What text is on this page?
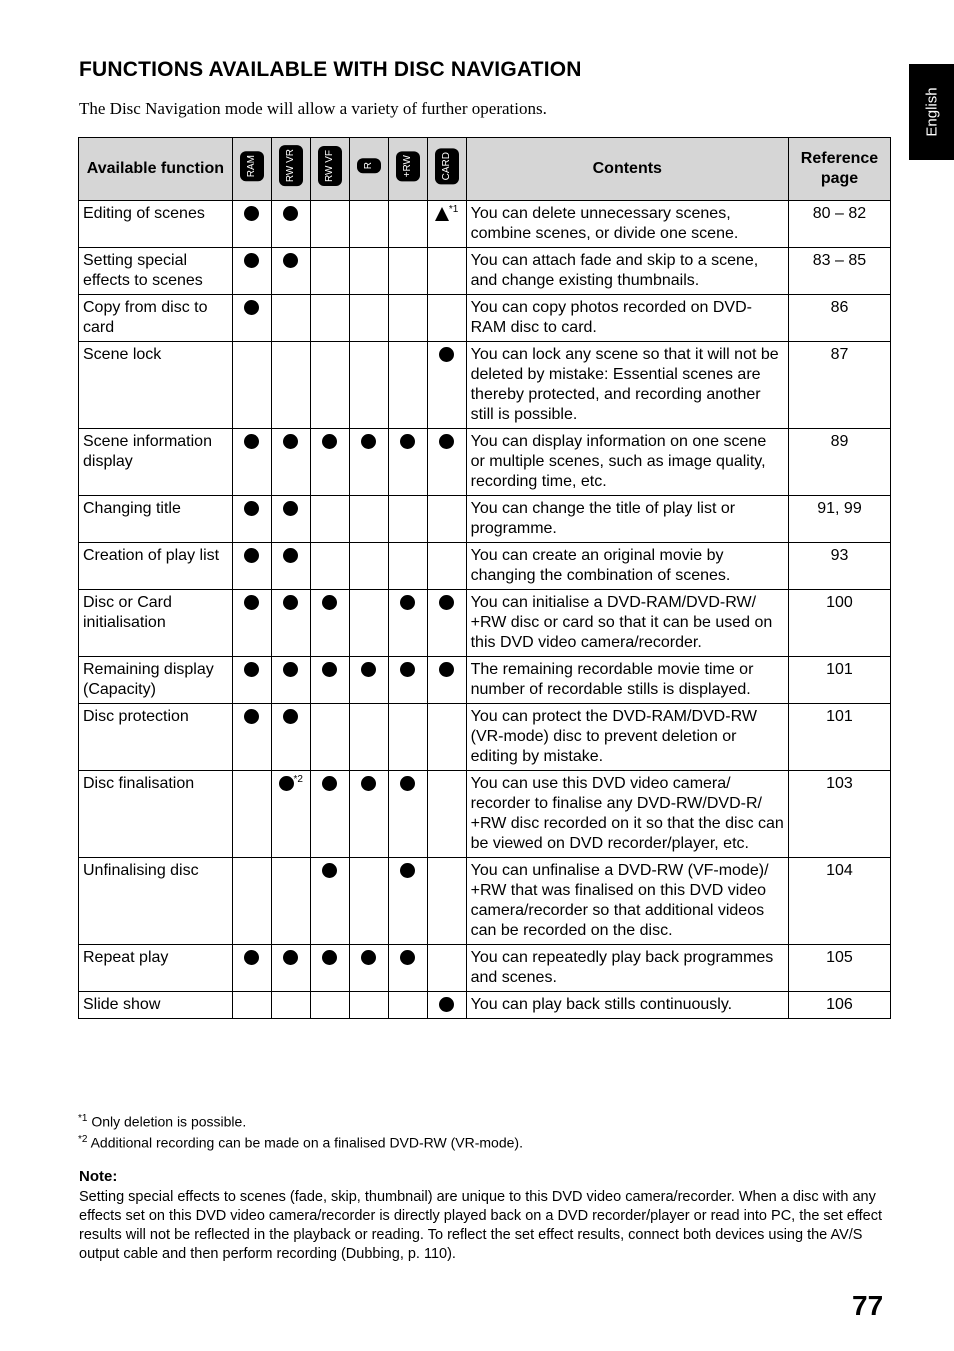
FUNCTIONS AVAILABLE WITH DISC NAVIGATION
The Disc Navigation mode will allow a variety of further operations.	English
Available function	RAM	RW VR	RW VF	R	+RW	CARD	Contents	Reference page
Editing of scenes						$^{*1}$	You can delete unnecessary scenes, combine scenes, or divide one scene.	80 – 82
Setting special effects to scenes							You can attach fade and skip to a scene, and change existing thumbnails.	83 – 85
Copy from disc to card							You can copy photos recorded on DVD-RAM disc to card.	86
Scene lock							You can lock any scene so that it will not be deleted by mistake: Essential scenes are thereby protected, and recording another still is possible.	87
Scene information display							You can display information on one scene or multiple scenes, such as image quality, recording time, etc.	89
Changing title							You can change the title of play list or programme.	91, 99
Creation of play list							You can create an original movie by changing the combination of scenes.	93
Disc or Card initialisation							You can initialise a DVD-RAM/DVD-RW/ +RW disc or card so that it can be used on this DVD video camera/recorder.	100
Remaining display (Capacity)							The remaining recordable movie time or number of recordable stills is displayed.	101
Disc protection							You can protect the DVD-RAM/DVD-RW (VR-mode) disc to prevent deletion or editing by mistake.	101
Disc finalisation		$^{*2}$					You can use this DVD video camera/ recorder to finalise any DVD-RW/DVD-R/ +RW disc recorded on it so that the disc can be viewed on DVD recorder/player, etc.	103
Unfinalising disc							You can unfinalise a DVD-RW (VF-mode)/ +RW that was finalised on this DVD video camera/recorder so that additional videos can be recorded on the disc.	104
Repeat play							You can repeatedly play back programmes and scenes.	105
Slide show							You can play back stills continuously.	106
$^{*1}$ Only deletion is possible.
$^{*2}$ Additional recording can be made on a finalised DVD-RW (VR-mode).
Note:
Setting special effects to scenes (fade, skip, thumbnail) are unique to this DVD video camera/recorder. When a disc with any effects set on this DVD video camera/recorder is directly played back on a DVD recorder/player or read into PC, the set effect results will not be reflected in the playback or reading. To reflect the set effect results, connect both devices using the AV/S output cable and then perform recording (Dubbing, p. 110).
77
